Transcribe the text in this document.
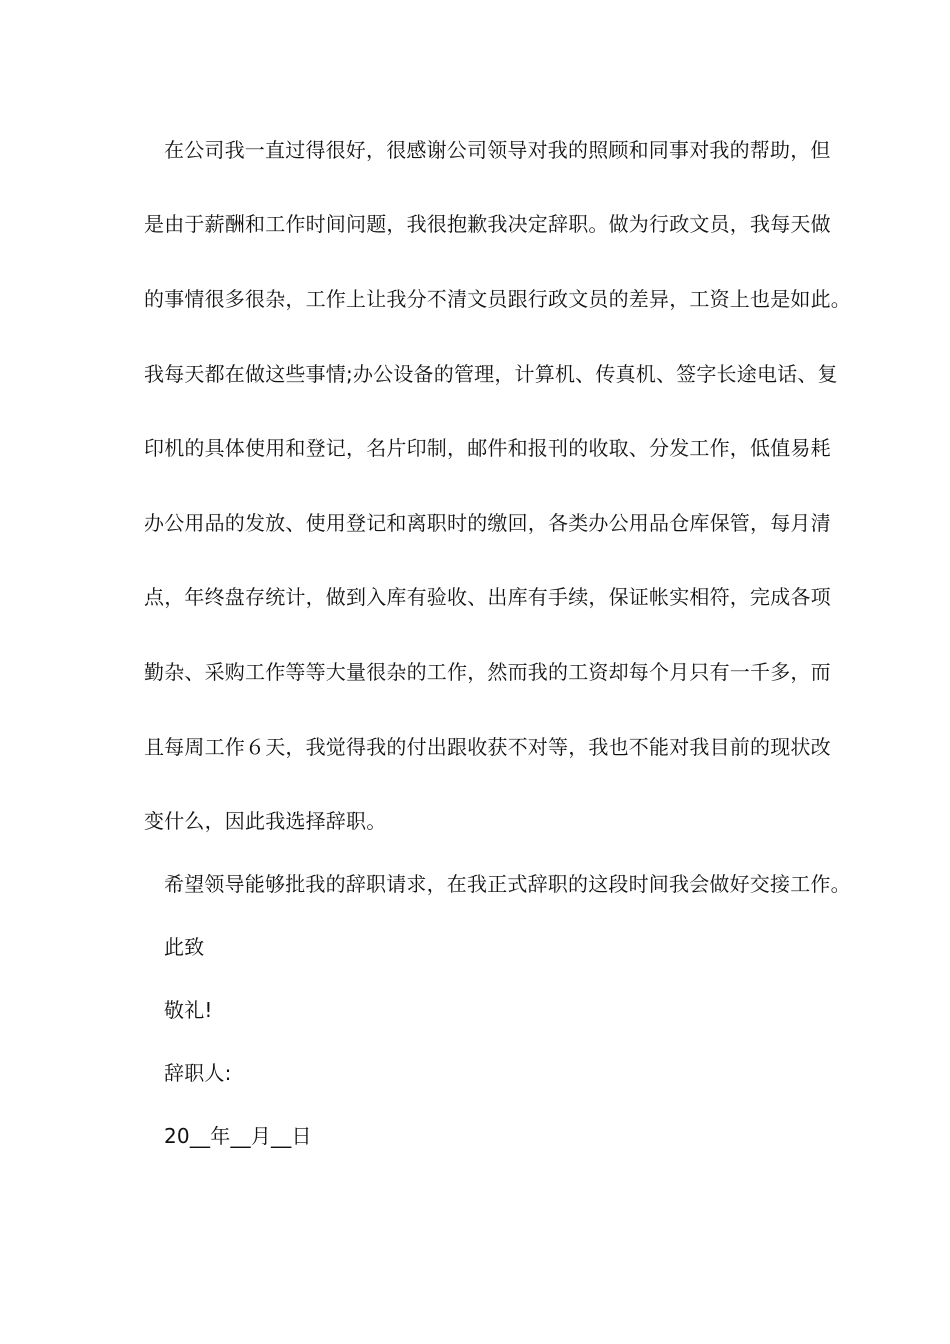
在公司我一直过得很好，很感谢公司领导对我的照顾和同事对我的帮助，但
是由于薪酬和工作时间问题，我很抱歉我决定辞职。做为行政文员，我每天做
的事情很多很杂，工作上让我分不清文员跟行政文员的差异，工资上也是如此。
我每天都在做这些事情;办公设备的管理，计算机、传真机、签字长途电话、复
印机的具体使用和登记，名片印制，邮件和报刊的收取、分发工作，低值易耗
办公用品的发放、使用登记和离职时的缴回，各类办公用品仓库保管，每月清
点，年终盘存统计，做到入库有验收、出库有手续，保证帐实相符，完成各项
勤杂、采购工作等等大量很杂的工作，然而我的工资却每个月只有一千多，而
且每周工作６天，我觉得我的付出跟收获不对等，我也不能对我目前的现状改
变什么，因此我选择辞职。
希望领导能够批我的辞职请求，在我正式辞职的这段时间我会做好交接工作。
此致
敬礼!
辞职人:
20__年__月__日
